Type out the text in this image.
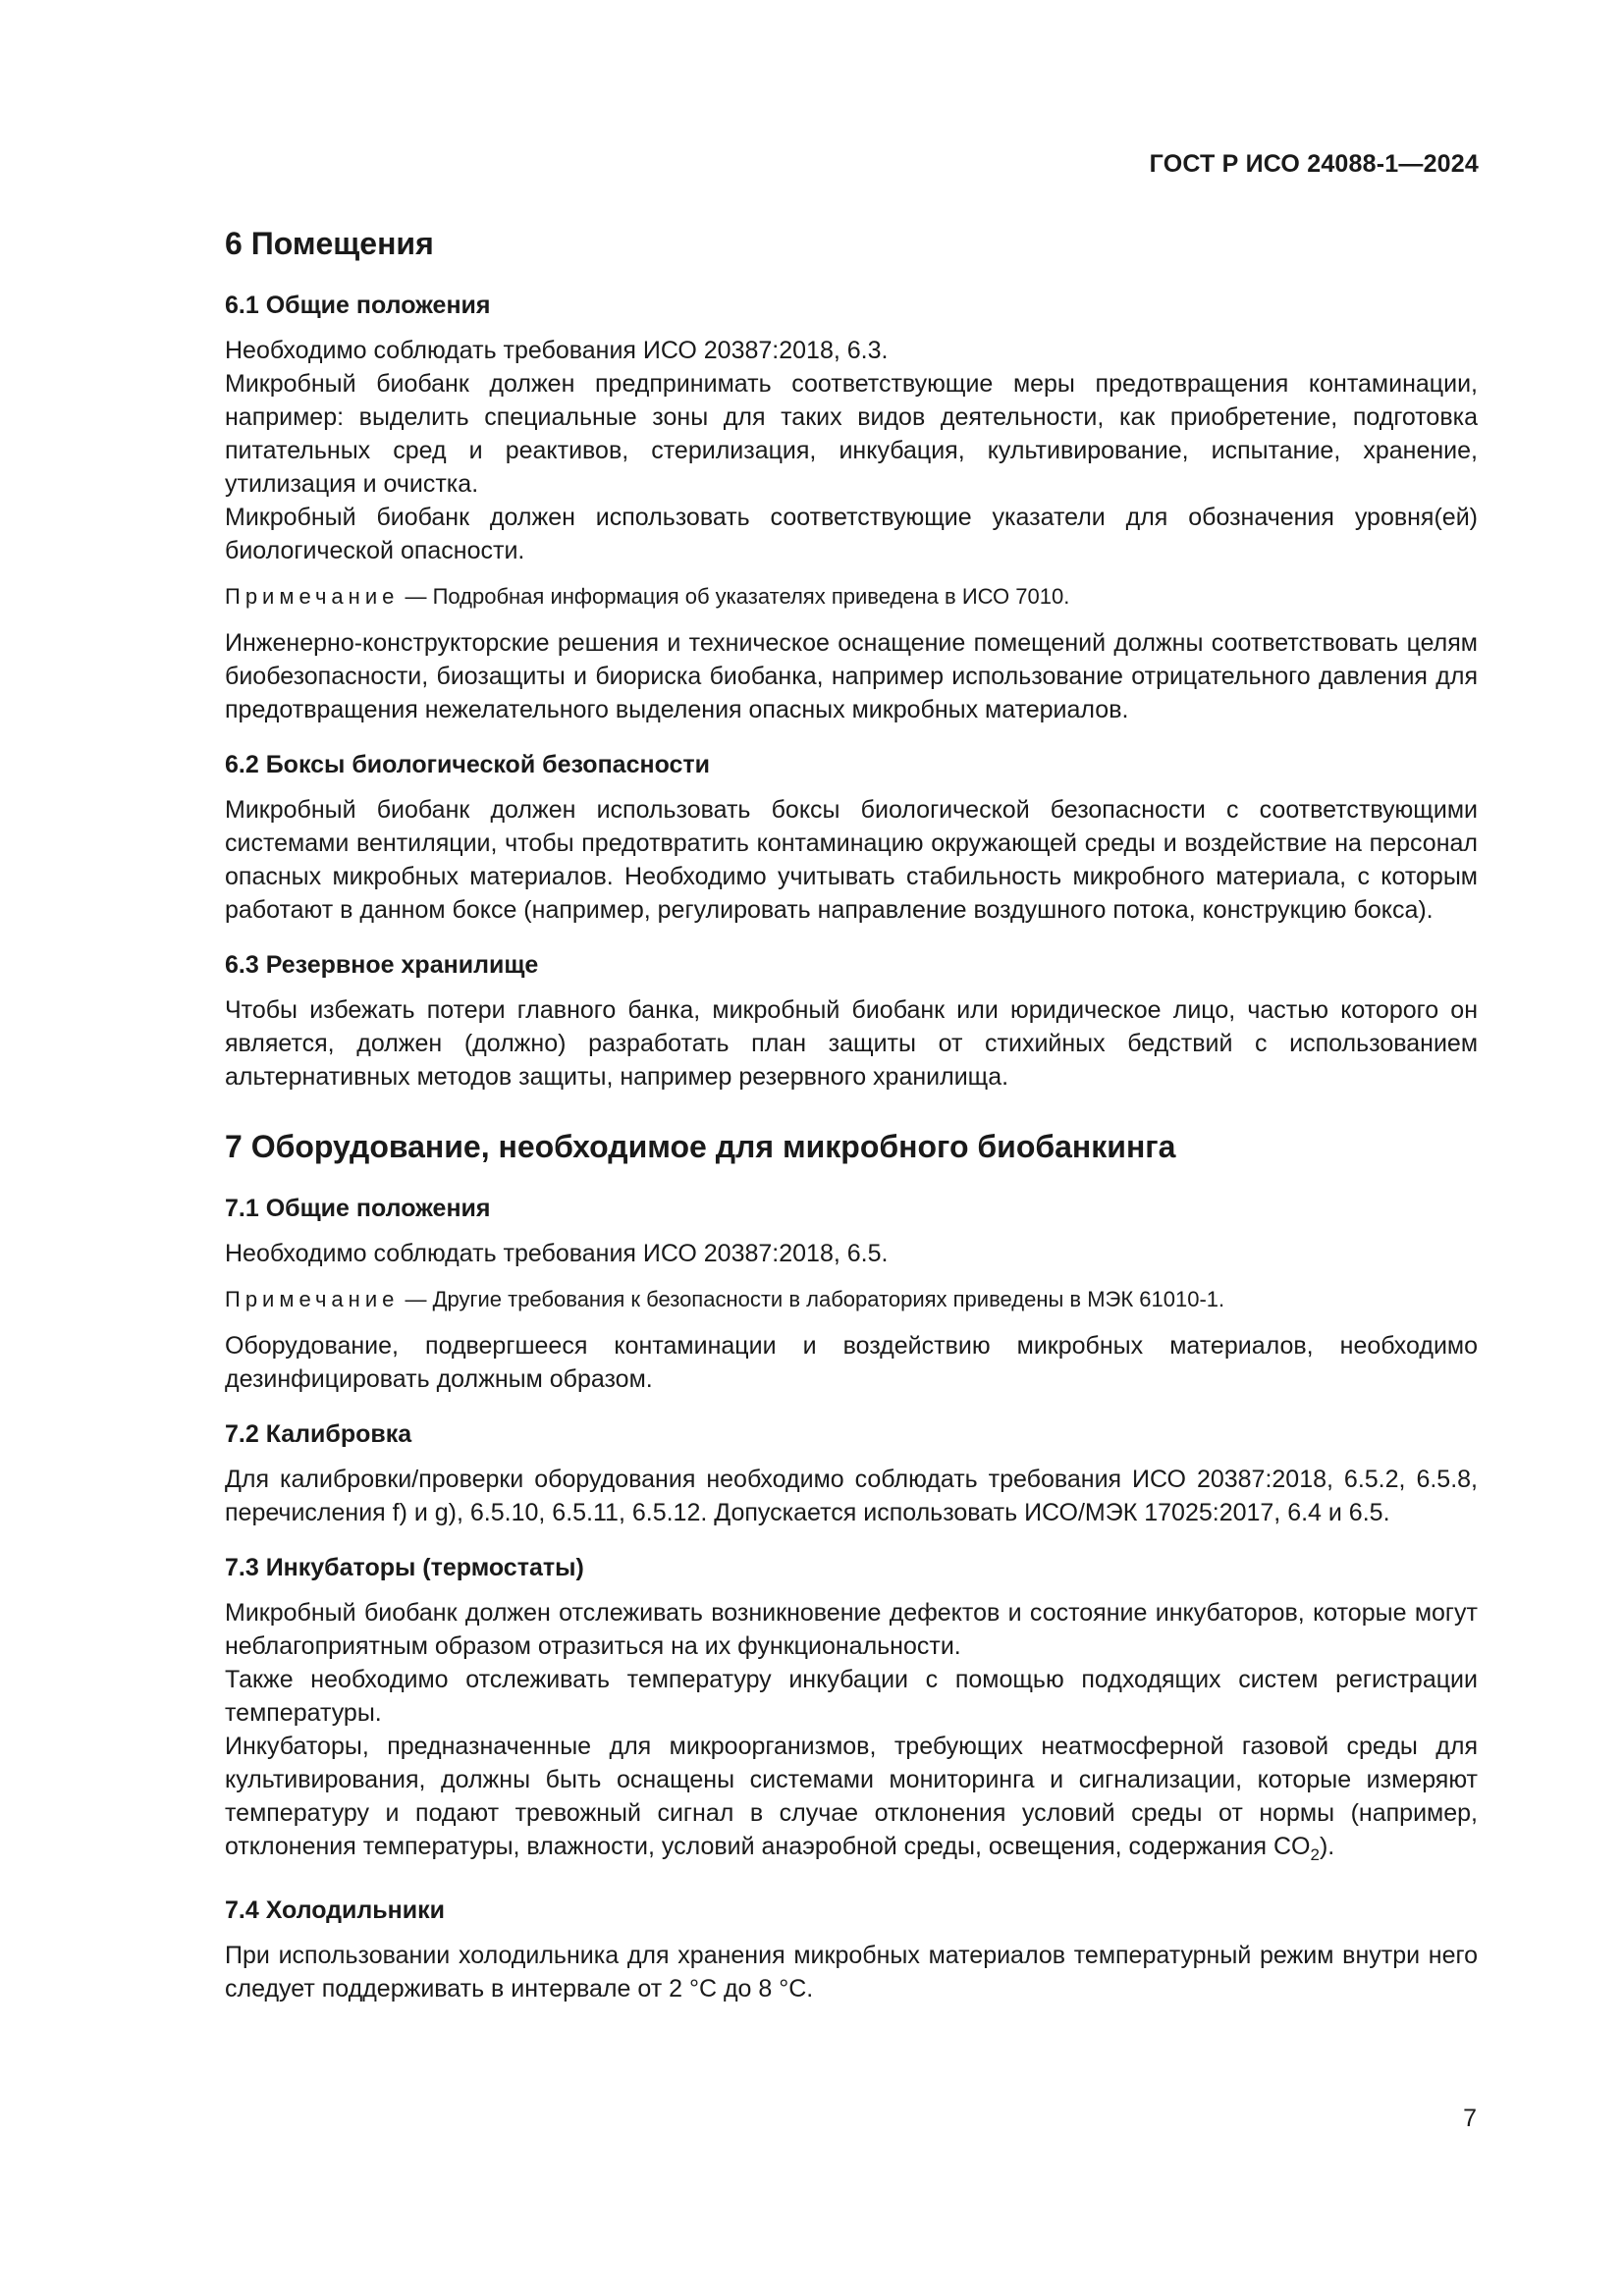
ГОСТ Р ИСО 24088-1—2024
6 Помещения
6.1 Общие положения

Необходимо соблюдать требования ИСО 20387:2018, 6.3.

Микробный биобанк должен предпринимать соответствующие меры предотвращения контаминации, например: выделить специальные зоны для таких видов деятельности, как приобретение, подготовка питательных сред и реактивов, стерилизация, инкубация, культивирование, испытание, хранение, утилизация и очистка.

Микробный биобанк должен использовать соответствующие указатели для обозначения уровня(ей) биологической опасности.

Примечание — Подробная информация об указателях приведена в ИСО 7010.

Инженерно-конструкторские решения и техническое оснащение помещений должны соответствовать целям биобезопасности, биозащиты и биориска биобанка, например использование отрицательного давления для предотвращения нежелательного выделения опасных микробных материалов.

6.2 Боксы биологической безопасности

Микробный биобанк должен использовать боксы биологической безопасности с соответствующими системами вентиляции, чтобы предотвратить контаминацию окружающей среды и воздействие на персонал опасных микробных материалов. Необходимо учитывать стабильность микробного материала, с которым работают в данном боксе (например, регулировать направление воздушного потока, конструкцию бокса).

6.3 Резервное хранилище

Чтобы избежать потери главного банка, микробный биобанк или юридическое лицо, частью которого он является, должен (должно) разработать план защиты от стихийных бедствий с использованием альтернативных методов защиты, например резервного хранилища.

7 Оборудование, необходимое для микробного биобанкинга
7.1 Общие положения

Необходимо соблюдать требования ИСО 20387:2018, 6.5.

Примечание — Другие требования к безопасности в лабораториях приведены в МЭК 61010-1.

Оборудование, подвергшееся контаминации и воздействию микробных материалов, необходимо дезинфицировать должным образом.

7.2 Калибровка

Для калибровки/проверки оборудования необходимо соблюдать требования ИСО 20387:2018, 6.5.2, 6.5.8, перечисления f) и g), 6.5.10, 6.5.11, 6.5.12. Допускается использовать ИСО/МЭК 17025:2017, 6.4 и 6.5.

7.3 Инкубаторы (термостаты)

Микробный биобанк должен отслеживать возникновение дефектов и состояние инкубаторов, которые могут неблагоприятным образом отразиться на их функциональности.

Также необходимо отслеживать температуру инкубации с помощью подходящих систем регистрации температуры.

Инкубаторы, предназначенные для микроорганизмов, требующих неатмосферной газовой среды для культивирования, должны быть оснащены системами мониторинга и сигнализации, которые измеряют температуру и подают тревожный сигнал в случае отклонения условий среды от нормы (например, отклонения температуры, влажности, условий анаэробной среды, освещения, содержания $CO_2$).

7.4 Холодильники

При использовании холодильника для хранения микробных материалов температурный режим внутри него следует поддерживать в интервале от 2 °C до 8 °C.

7
